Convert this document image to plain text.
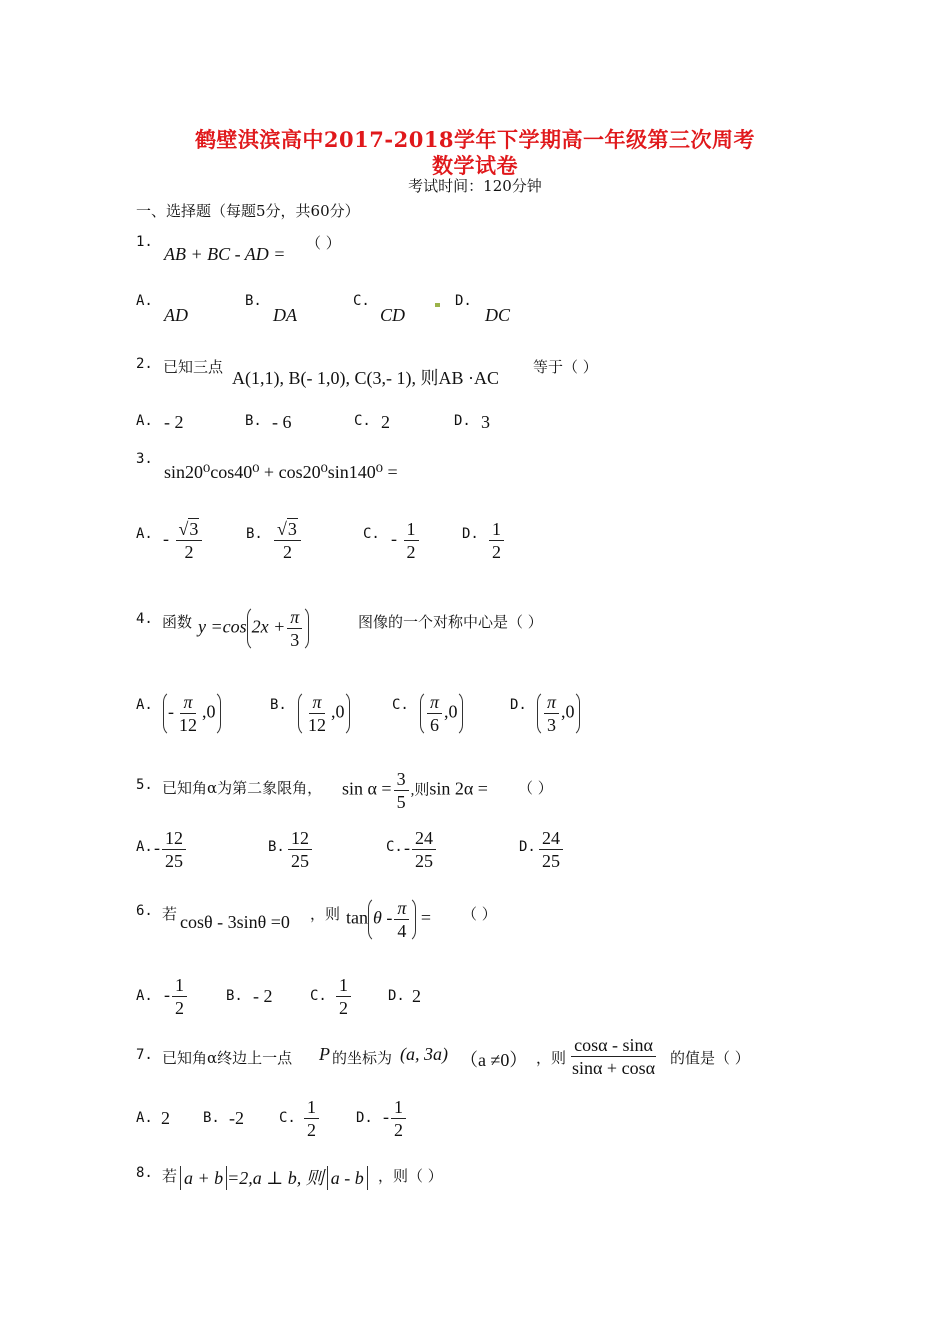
鹤壁淇滨高中2017-2018学年下学期高一年级第三次周考
数学试卷
考试时间：120分钟
一、选择题（每题5分，共60分）
1.
AB + BC - AD =
（ ）
A.
AD
B.
DA
C.
CD
D.
DC
2. 已知三点
A(1,1), B(- 1,0), C(3,- 1), 则AB ·AC
等于（ ）
A. - 2	B. - 6	C. 2	D. 3
3.
sin20⁰cos40⁰ + cos20⁰sin140⁰ =
A. - $\frac{√3}{2}$	B. $\frac{√3}{2}$	C. - $\frac{1}{2}$	D. $\frac{1}{2}$
4. 函数 y =cos $2x + \frac{\pi}{3}$	图像的一个对称中心是（ ）
A. - $\frac{\pi}{12} ,0$	B. $\frac{\pi}{12} ,0$	C. $\frac{\pi}{6} ,0$	D. $\frac{\pi}{3} ,0$
5. 已知角α为第二象限角， $\sin \alpha = \frac{3}{5}$ ,则sin 2α = （ ）
A. - $\frac{12}{25}$	B. $\frac{12}{25}$	C. - $\frac{24}{25}$	D. $\frac{24}{25}$
6. 若 cosθ - 3sinθ =0 ，则 tan θ - $\frac{\pi}{4}$ = （ ）
A. - $\frac{1}{2}$	B. - 2	C. $\frac{1}{2}$	D. 2
7. 已知角α终边上一点 P 的坐标为 (a, 3a) （a ≠0） ，则 $\frac{\cos\alpha - \sin\alpha}{\sin\alpha + \cos\alpha}$ 的值是（ ）
A. 2 B. -2	C. $\frac{1}{2}$	D. - $\frac{1}{2}$
8. 若 a + b =2,a ⊥ b, 则 a - b ，则（ ）
